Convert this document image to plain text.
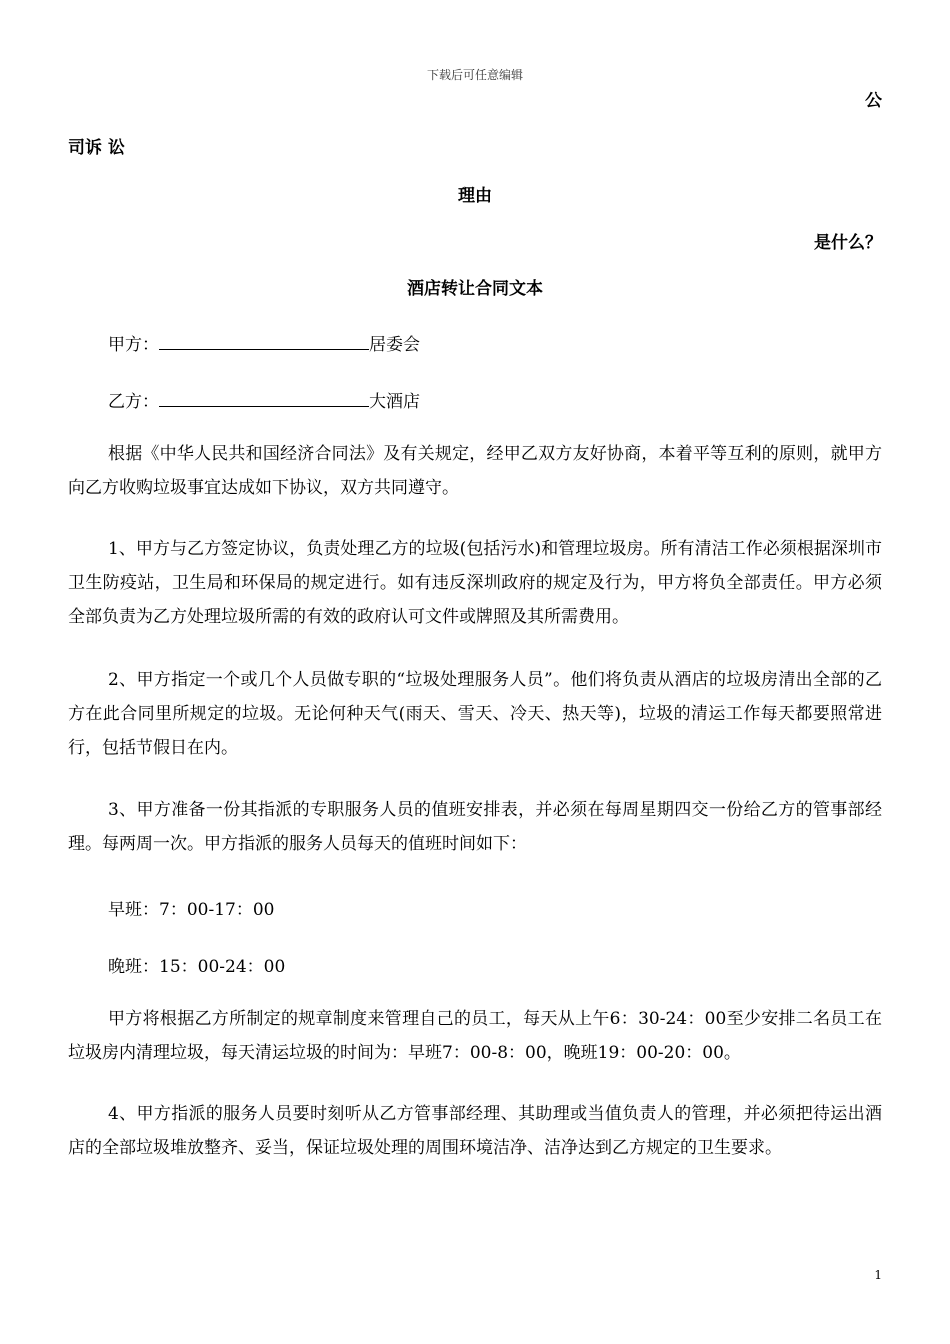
下载后可任意编辑
公
司诉 讼
理由
是什么？
酒店转让合同文本
甲方：	居委会
乙方：	大酒店
根据《中华人民共和国经济合同法》及有关规定，经甲乙双方友好协商，本着平等互利的原则，就甲方向乙方收购垃圾事宜达成如下协议，双方共同遵守。
1、甲方与乙方签定协议，负责处理乙方的垃圾(包括污水)和管理垃圾房。所有清洁工作必须根据深圳市卫生防疫站，卫生局和环保局的规定进行。如有违反深圳政府的规定及行为，甲方将负全部责任。甲方必须全部负责为乙方处理垃圾所需的有效的政府认可文件或牌照及其所需费用。
2、甲方指定一个或几个人员做专职的“垃圾处理服务人员”。他们将负责从酒店的垃圾房清出全部的乙方在此合同里所规定的垃圾。无论何种天气(雨天、雪天、冷天、热天等)，垃圾的清运工作每天都要照常进行，包括节假日在内。
3、甲方准备一份其指派的专职服务人员的值班安排表，并必须在每周星期四交一份给乙方的管事部经理。每两周一次。甲方指派的服务人员每天的值班时间如下：
早班：7：00-17：00
晚班：15：00-24：00
甲方将根据乙方所制定的规章制度来管理自己的员工，每天从上午6：30-24：00至少安排二名员工在垃圾房内清理垃圾，每天清运垃圾的时间为：早班7：00-8：00，晚班19：00-20：00。
4、甲方指派的服务人员要时刻听从乙方管事部经理、其助理或当值负责人的管理，并必须把待运出酒店的全部垃圾堆放整齐、妥当，保证垃圾处理的周围环境洁净、洁净达到乙方规定的卫生要求。
1
